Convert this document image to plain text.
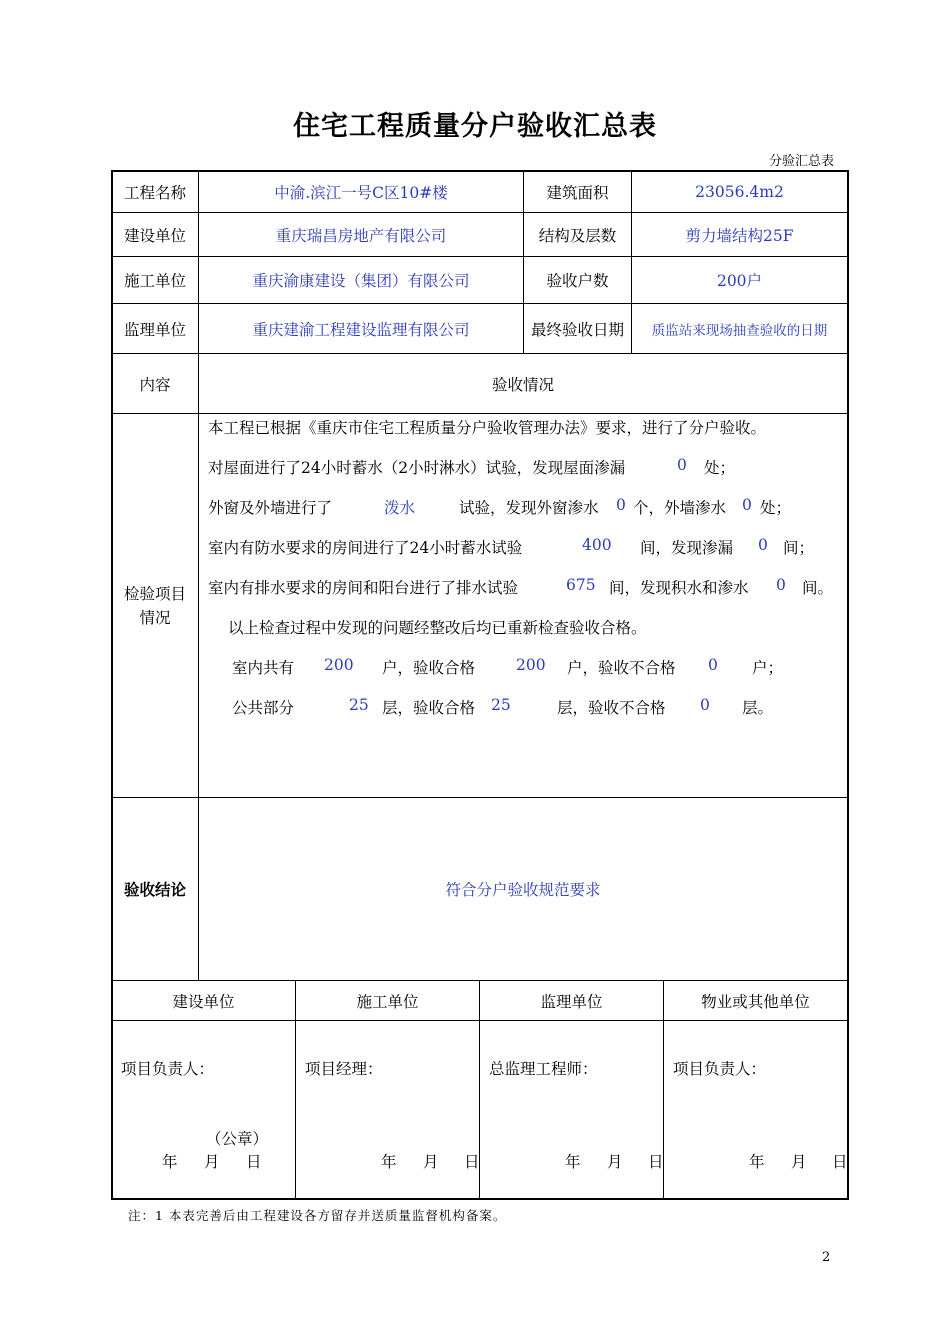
住宅工程质量分户验收汇总表
分验汇总表
工程名称	中渝.滨江一号C区10#楼	建筑面积	23056.4m2
建设单位	重庆瑞昌房地产有限公司	结构及层数	剪力墙结构25F
施工单位	重庆渝康建设（集团）有限公司	验收户数	200户
监理单位	重庆建渝工程建设监理有限公司	最终验收日期	质监站来现场抽查验收的日期
内容	验收情况
检验项目情况
本工程已根据《重庆市住宅工程质量分户验收管理办法》要求，进行了分户验收。
对屋面进行了24小时蓄水（2小时淋水）试验，发现屋面渗漏	0 处；
外窗及外墙进行了	泼水	试验，发现外窗渗水 0 个，外墙渗水 0 处；
室内有防水要求的房间进行了24小时蓄水试验	400 间，发现渗漏 0 间；
室内有排水要求的房间和阳台进行了排水试验	675 间，发现积水和渗水 0 间。
以上检查过程中发现的问题经整改后均已重新检查验收合格。
室内共有 200 户，验收合格	200 户，验收不合格 0 户；
公共部分	25 层，验收合格 25	层，验收不合格 0 层。
验收结论	符合分户验收规范要求
建设单位	施工单位	监理单位	物业或其他单位
项目负责人：	项目经理：	总监理工程师：	项目负责人：
（公章）
年 月 日	年 月 日	年 月 日	年 月 日
注：1 本表完善后由工程建设各方留存并送质量监督机构备案。
2
